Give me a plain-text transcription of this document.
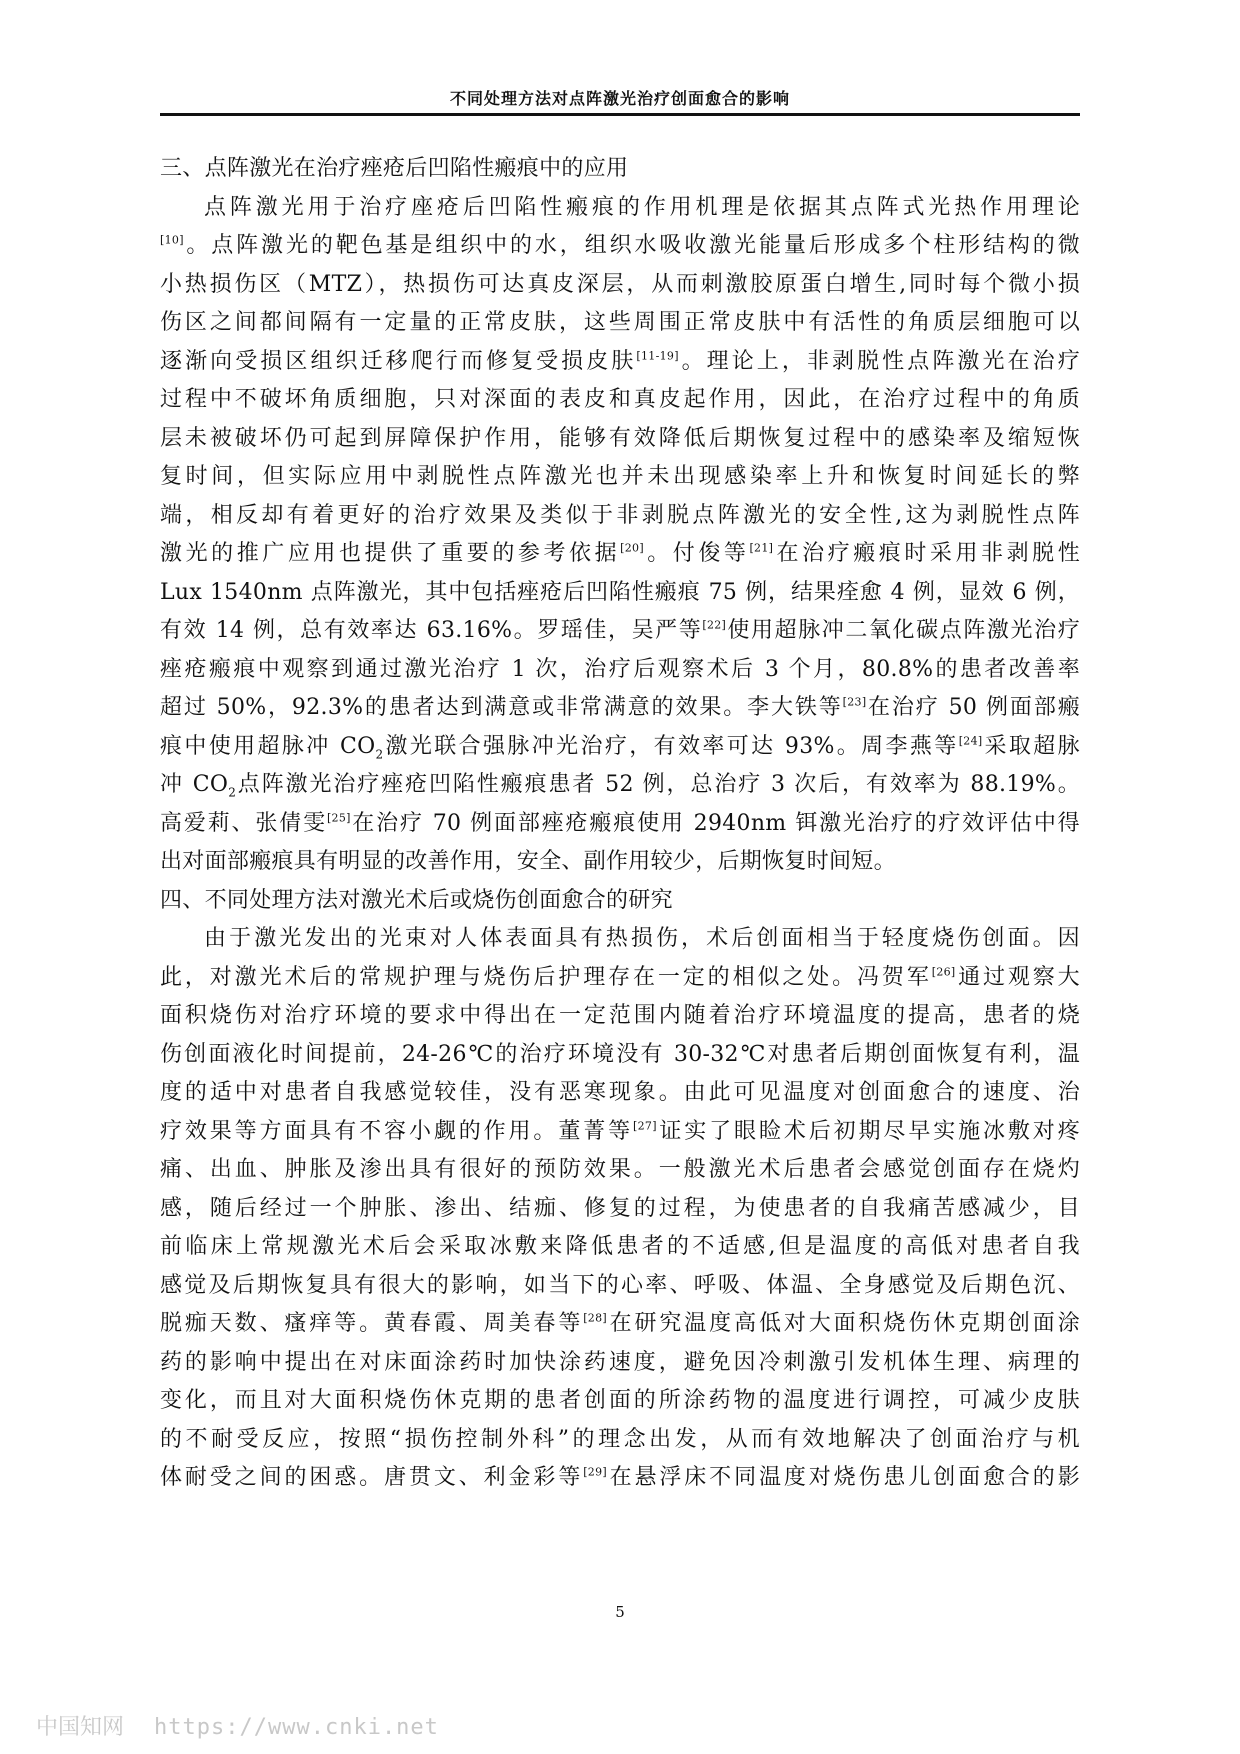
不同处理方法对点阵激光治疗创面愈合的影响
三、点阵激光在治疗痤疮后凹陷性瘢痕中的应用
点阵激光用于治疗座疮后凹陷性瘢痕的作用机理是依据其点阵式光热作用理论
[10]。点阵激光的靶色基是组织中的水，组织水吸收激光能量后形成多个柱形结构的微
小热损伤区（MTZ），热损伤可达真皮深层，从而刺激胶原蛋白增生,同时每个微小损
伤区之间都间隔有一定量的正常皮肤，这些周围正常皮肤中有活性的角质层细胞可以
逐渐向受损区组织迁移爬行而修复受损皮肤[11-19]。理论上，非剥脱性点阵激光在治疗
过程中不破坏角质细胞，只对深面的表皮和真皮起作用，因此，在治疗过程中的角质
层未被破坏仍可起到屏障保护作用，能够有效降低后期恢复过程中的感染率及缩短恢
复时间，但实际应用中剥脱性点阵激光也并未出现感染率上升和恢复时间延长的弊
端，相反却有着更好的治疗效果及类似于非剥脱点阵激光的安全性,这为剥脱性点阵
激光的推广应用也提供了重要的参考依据[20]。付俊等[21]在治疗瘢痕时采用非剥脱性
Lux 1540nm 点阵激光，其中包括痤疮后凹陷性瘢痕 75 例，结果痊愈 4 例，显效 6 例，
有效 14 例，总有效率达 63.16%。罗瑶佳，吴严等[22]使用超脉冲二氧化碳点阵激光治疗
痤疮瘢痕中观察到通过激光治疗 1 次，治疗后观察术后 3 个月，80.8%的患者改善率
超过 50%，92.3%的患者达到满意或非常满意的效果。李大铁等[23]在治疗 50 例面部瘢
痕中使用超脉冲 $CO_2$激光联合强脉冲光治疗，有效率可达 93%。周李燕等[24]采取超脉
冲 $CO_2$点阵激光治疗痤疮凹陷性瘢痕患者 52 例，总治疗 3 次后，有效率为 88.19%。
高爱莉、张倩雯[25]在治疗 70 例面部痤疮瘢痕使用 2940nm 铒激光治疗的疗效评估中得
出对面部瘢痕具有明显的改善作用，安全、副作用较少，后期恢复时间短。
四、不同处理方法对激光术后或烧伤创面愈合的研究
由于激光发出的光束对人体表面具有热损伤，术后创面相当于轻度烧伤创面。因
此，对激光术后的常规护理与烧伤后护理存在一定的相似之处。冯贺军[26]通过观察大
面积烧伤对治疗环境的要求中得出在一定范围内随着治疗环境温度的提高，患者的烧
伤创面液化时间提前，24-26℃的治疗环境没有 30-32℃对患者后期创面恢复有利，温
度的适中对患者自我感觉较佳，没有恶寒现象。由此可见温度对创面愈合的速度、治
疗效果等方面具有不容小觑的作用。董菁等[27]证实了眼睑术后初期尽早实施冰敷对疼
痛、出血、肿胀及渗出具有很好的预防效果。一般激光术后患者会感觉创面存在烧灼
感，随后经过一个肿胀、渗出、结痂、修复的过程，为使患者的自我痛苦感减少，目
前临床上常规激光术后会采取冰敷来降低患者的不适感,但是温度的高低对患者自我
感觉及后期恢复具有很大的影响，如当下的心率、呼吸、体温、全身感觉及后期色沉、
脱痂天数、瘙痒等。黄春霞、周美春等[28]在研究温度高低对大面积烧伤休克期创面涂
药的影响中提出在对床面涂药时加快涂药速度，避免因冷刺激引发机体生理、病理的
变化，而且对大面积烧伤休克期的患者创面的所涂药物的温度进行调控，可减少皮肤
的不耐受反应，按照“损伤控制外科”的理念出发，从而有效地解决了创面治疗与机
体耐受之间的困惑。唐贯文、利金彩等[29]在悬浮床不同温度对烧伤患儿创面愈合的影
5
中国知网 https://www.cnki.net
